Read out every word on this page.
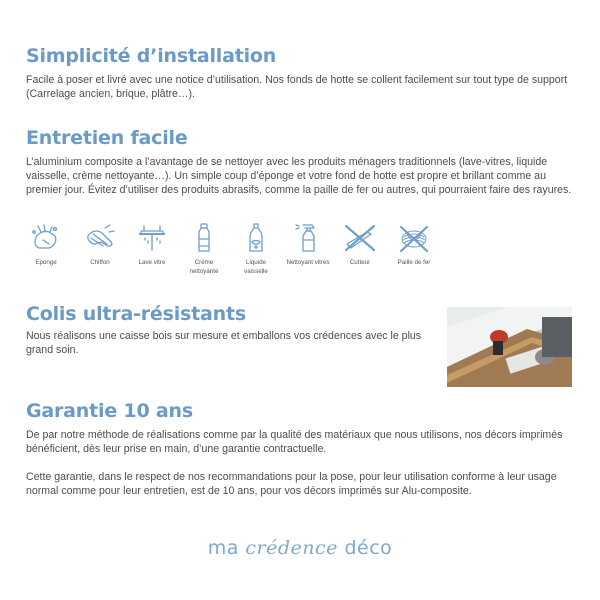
Simplicité d’installation

Facile à poser et livré avec une notice d’utilisation. Nos fonds de hotte se collent facilement sur tout type de support (Carrelage ancien, brique, plâtre…).

Entretien facile

L’aluminium composite a l’avantage de se nettoyer avec les produits ménagers traditionnels (lave-vitres, liquide vaisselle, crème nettoyante…). Un simple coup d’éponge et votre fond de hotte est propre et brillant comme au premier jour. Évitez d’utiliser des produits abrasifs, comme la paille de fer ou autres, qui pourraient faire des rayures.

Eponge	Chiffon	Lave vitre	Crème nettoyante
Liquide vaisselle
Nettoyant vitres	Cutteur	Paille de fer
Colis ultra-résistants

Nous réalisons une caisse bois sur mesure et emballons vos crédences avec le plus grand soin.

Garantie 10 ans

De par notre méthode de réalisations comme par la qualité des matériaux que nous utilisons, nos décors imprimés bénéficient, dès leur prise en main, d’une garantie contractuelle.

Cette garantie, dans le respect de nos recommandations pour la pose, pour leur utilisation conforme à leur usage normal comme pour leur entretien, est de 10 ans, pour vos décors imprimés sur Alu-composite.

ma crédence déco
